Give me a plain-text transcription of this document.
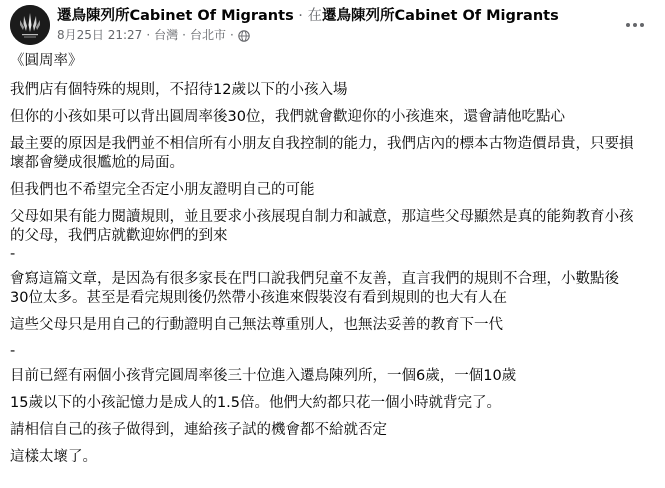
遷鳥陳列所Cabinet Of Migrants · 在遷鳥陳列所Cabinet Of Migrants
8月25日 21:27 · 台灣 · 台北市 ·

《圓周率》

我們店有個特殊的規則，不招待12歲以下的小孩入場

但你的小孩如果可以背出圓周率後30位，我們就會歡迎你的小孩進來，還會請他吃點心

最主要的原因是我們並不相信所有小朋友自我控制的能力，我們店內的標本古物造價昂貴，只要損

壞都會變成很尷尬的局面。

但我們也不希望完全否定小朋友證明自己的可能

父母如果有能力閱讀規則，並且要求小孩展現自制力和誠意，那這些父母顯然是真的能夠教育小孩

的父母，我們店就歡迎妳們的到來

-

會寫這篇文章，是因為有很多家長在門口說我們兒童不友善，直言我們的規則不合理，小數點後

30位太多。甚至是看完規則後仍然帶小孩進來假裝沒有看到規則的也大有人在

這些父母只是用自己的行動證明自己無法尊重別人，也無法妥善的教育下一代

-

目前已經有兩個小孩背完圓周率後三十位進入遷鳥陳列所，一個6歲，一個10歲

15歲以下的小孩記憶力是成人的1.5倍。他們大約都只花一個小時就背完了。

請相信自己的孩子做得到，連給孩子試的機會都不給就否定

這樣太壞了。
